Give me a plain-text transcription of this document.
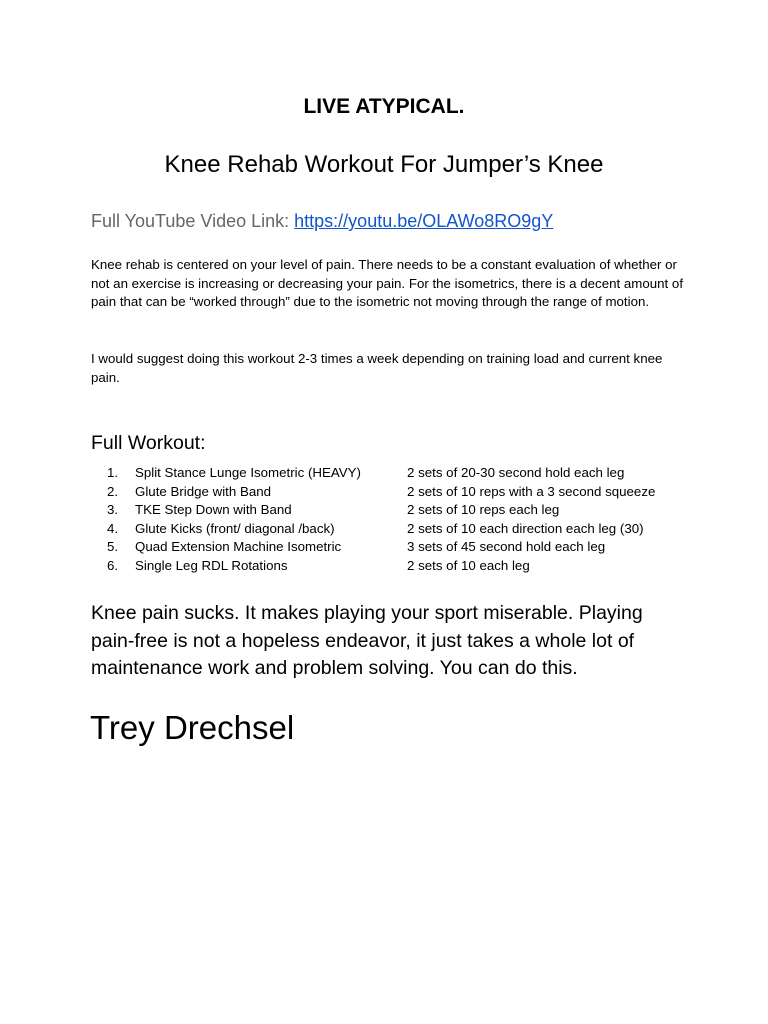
LIVE ATYPICAL.
Knee Rehab Workout For Jumper’s Knee
Full YouTube Video Link: https://youtu.be/OLAWo8RO9gY

Knee rehab is centered on your level of pain. There needs to be a constant evaluation of whether or not an exercise is increasing or decreasing your pain. For the isometrics, there is a decent amount of pain that can be “worked through” due to the isometric not moving through the range of motion.

I would suggest doing this workout 2-3 times a week depending on training load and current knee pain.

Full Workout:
1.	Split Stance Lunge Isometric (HEAVY)	2 sets of 20-30 second hold each leg
2.	Glute Bridge with Band	2 sets of 10 reps with a 3 second squeeze
3.	TKE Step Down with Band	2 sets of 10 reps each leg
4.	Glute Kicks (front/ diagonal /back)	2 sets of 10 each direction each leg (30)
5.	Quad Extension Machine Isometric	3 sets of 45 second hold each leg
6.	Single Leg RDL Rotations	2 sets of 10 each leg

Knee pain sucks. It makes playing your sport miserable. Playing pain-free is not a hopeless endeavor, it just takes a whole lot of maintenance work and problem solving. You can do this.

Trey Drechsel
